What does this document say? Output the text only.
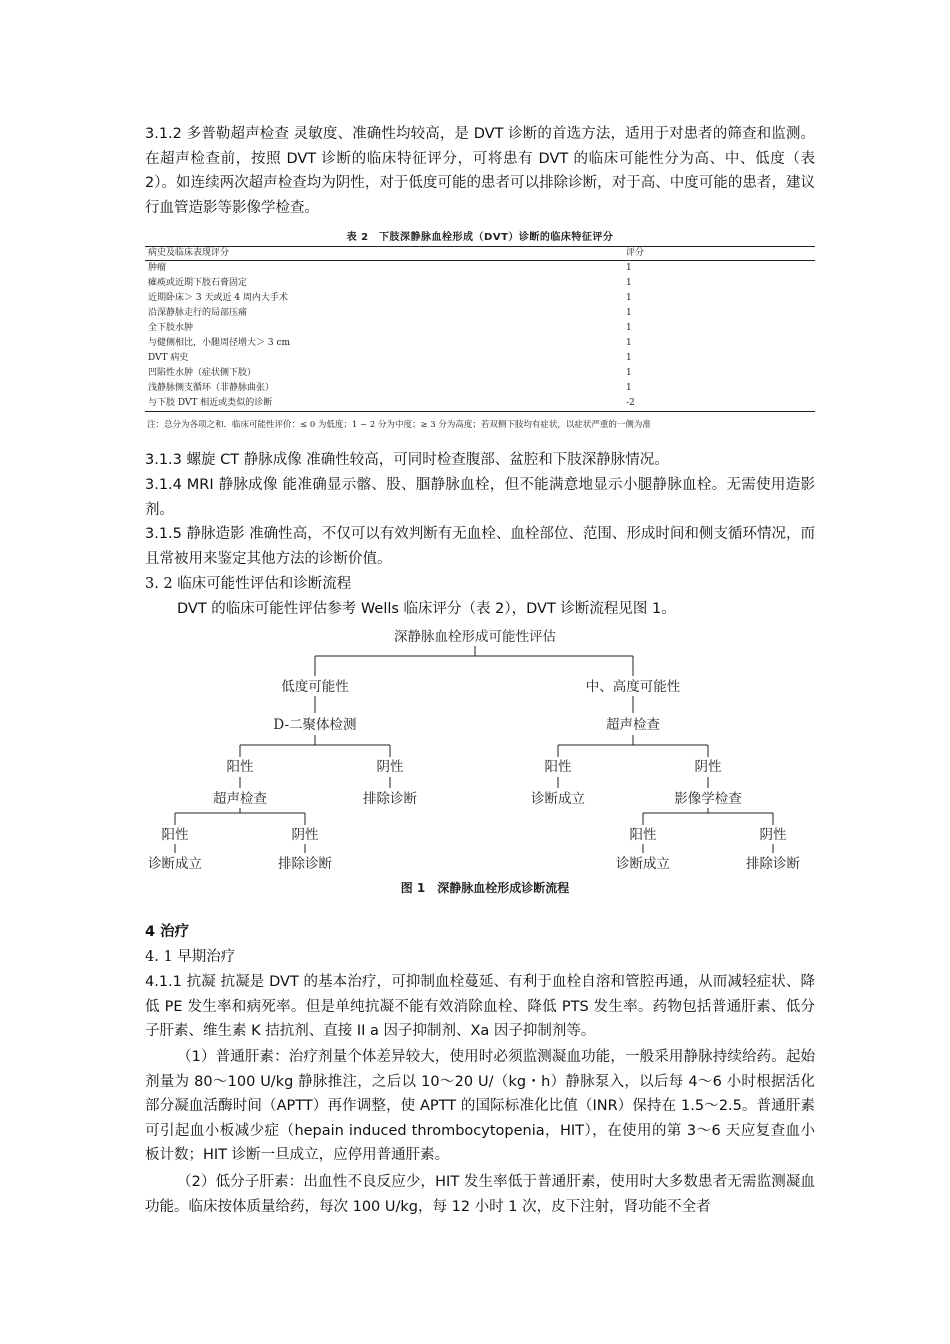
3.1.2 多普勒超声检查 灵敏度、准确性均较高，是 DVT 诊断的首选方法，适用于对患者的筛查和监测。在超声检查前，按照 DVT 诊断的临床特征评分，可将患有 DVT 的临床可能性分为高、中、低度（表 2）。如连续两次超声检查均为阴性，对于低度可能的患者可以排除诊断，对于高、中度可能的患者，建议行血管造影等影像学检查。

表 2　下肢深静脉血栓形成（DVT）诊断的临床特征评分
病史及临床表现评分	评分
肿瘤	1
瘫痪或近期下肢石膏固定	1
近期卧床＞ 3 天或近 4 周内大手术	1
沿深静脉走行的局部压痛	1
全下肢水肿	1
与健侧相比，小腿周径增大＞ 3 cm	1
DVT 病史	1
凹陷性水肿（症状侧下肢）	1
浅静脉侧支循环（非静脉曲张）	1
与下肢 DVT 相近或类似的诊断	-2
注：总分为各项之和．临床可能性评价：≤ 0 为低度；1 ~ 2 分为中度；≥ 3 分为高度；若双侧下肢均有症状，以症状严重的一侧为准

3.1.3 螺旋 CT 静脉成像 准确性较高，可同时检查腹部、盆腔和下肢深静脉情况。

3.1.4 MRI 静脉成像 能准确显示髂、股、腘静脉血栓，但不能满意地显示小腿静脉血栓。无需使用造影剂。

3.1.5 静脉造影 准确性高，不仅可以有效判断有无血栓、血栓部位、范围、形成时间和侧支循环情况，而且常被用来鉴定其他方法的诊断价值。

3. 2 临床可能性评估和诊断流程

DVT 的临床可能性评估参考 Wells 临床评分（表 2），DVT 诊断流程见图 1。

深静脉血栓形成可能性评估
低度可能性	中、高度可能性
D-二聚体检测	超声检查
阳性	阴性	阳性	阴性
超声检查	排除诊断	诊断成立	影像学检查
阳性	阴性	阳性	阴性
诊断成立	排除诊断	诊断成立	排除诊断
图 1　深静脉血栓形成诊断流程

4 治疗

4. 1 早期治疗

4.1.1 抗凝 抗凝是 DVT 的基本治疗，可抑制血栓蔓延、有利于血栓自溶和管腔再通，从而减轻症状、降低 PE 发生率和病死率。但是单纯抗凝不能有效消除血栓、降低 PTS 发生率。药物包括普通肝素、低分子肝素、维生素 K 拮抗剂、直接 II a 因子抑制剂、Xa 因子抑制剂等。

（1）普通肝素：治疗剂量个体差异较大，使用时必须监测凝血功能，一般采用静脉持续给药。起始剂量为 80～100 U/kg 静脉推注，之后以 10～20 U/（kg・h）静脉泵入，以后每 4～6 小时根据活化部分凝血活酶时间（APTT）再作调整，使 APTT 的国际标准化比值（INR）保持在 1.5～2.5。普通肝素可引起血小板减少症（hepain induced thrombocytopenia，HIT），在使用的第 3～6 天应复查血小板计数；HIT 诊断一旦成立，应停用普通肝素。

（2）低分子肝素：出血性不良反应少，HIT 发生率低于普通肝素，使用时大多数患者无需监测凝血功能。临床按体质量给药，每次 100 U/kg，每 12 小时 1 次，皮下注射，肾功能不全者
